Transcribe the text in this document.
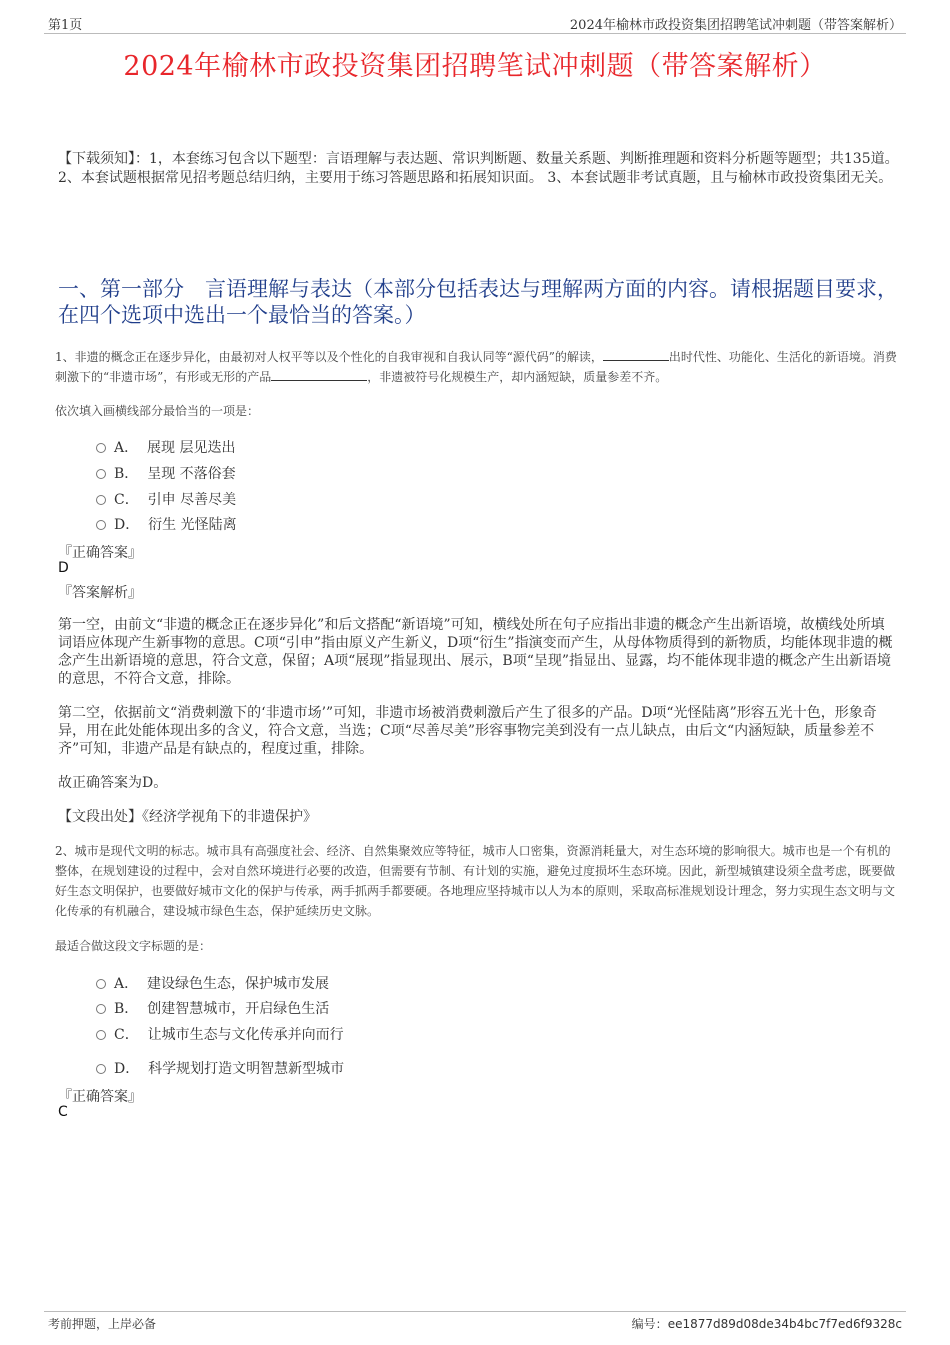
第1页	2024年榆林市政投资集团招聘笔试冲刺题（带答案解析）
2024年榆林市政投资集团招聘笔试冲刺题（带答案解析）
【下载须知】：1，本套练习包含以下题型：言语理解与表达题、常识判断题、数量关系题、判断推理题和资料分析题等题型；共135道。 2、本套试题根据常见招考题总结归纳，主要用于练习答题思路和拓展知识面。 3、本套试题非考试真题，且与榆林市政投资集团无关。
一、第一部分　言语理解与表达（本部分包括表达与理解两方面的内容。请根据题目要求，在四个选项中选出一个最恰当的答案。）
1、非遗的概念正在逐步异化，由最初对人权平等以及个性化的自我审视和自我认同等“源代码”的解读，	出时代性、功能化、生活化的新语境。消费刺激下的“非遗市场”，有形或无形的产品	，非遗被符号化规模生产，却内涵短缺，质量参差不齐。
依次填入画横线部分最恰当的一项是：
A． 展现 层见迭出
B． 呈现 不落俗套
C． 引申 尽善尽美
D． 衍生 光怪陆离
『正确答案』
D
『答案解析』
第一空，由前文“非遗的概念正在逐步异化”和后文搭配“新语境”可知，横线处所在句子应指出非遗的概念产生出新语境，故横线处所填词语应体现产生新事物的意思。C项“引申”指由原义产生新义，D项“衍生”指演变而产生，从母体物质得到的新物质，均能体现非遗的概念产生出新语境的意思，符合文意，保留；A项“展现”指显现出、展示，B项“呈现”指显出、显露，均不能体现非遗的概念产生出新语境的意思，不符合文意，排除。
第二空，依据前文“消费刺激下的‘非遗市场’”可知，非遗市场被消费刺激后产生了很多的产品。D项“光怪陆离”形容五光十色，形象奇异，用在此处能体现出多的含义，符合文意，当选；C项“尽善尽美”形容事物完美到没有一点儿缺点，由后文“内涵短缺，质量参差不齐”可知，非遗产品是有缺点的，程度过重，排除。
故正确答案为D。
【文段出处】《经济学视角下的非遗保护》
2、城市是现代文明的标志。城市具有高强度社会、经济、自然集聚效应等特征，城市人口密集，资源消耗量大，对生态环境的影响很大。城市也是一个有机的整体，在规划建设的过程中，会对自然环境进行必要的改造，但需要有节制、有计划的实施，避免过度损坏生态环境。因此，新型城镇建设须全盘考虑，既要做好生态文明保护，也要做好城市文化的保护与传承，两手抓两手都要硬。各地理应坚持城市以人为本的原则，采取高标准规划设计理念，努力实现生态文明与文化传承的有机融合，建设城市绿色生态，保护延续历史文脉。
最适合做这段文字标题的是：
A． 建设绿色生态，保护城市发展
B． 创建智慧城市，开启绿色生活
C． 让城市生态与文化传承并向而行
D． 科学规划打造文明智慧新型城市
『正确答案』
C
考前押题，上岸必备	编号：ee1877d89d08de34b4bc7f7ed6f9328c
